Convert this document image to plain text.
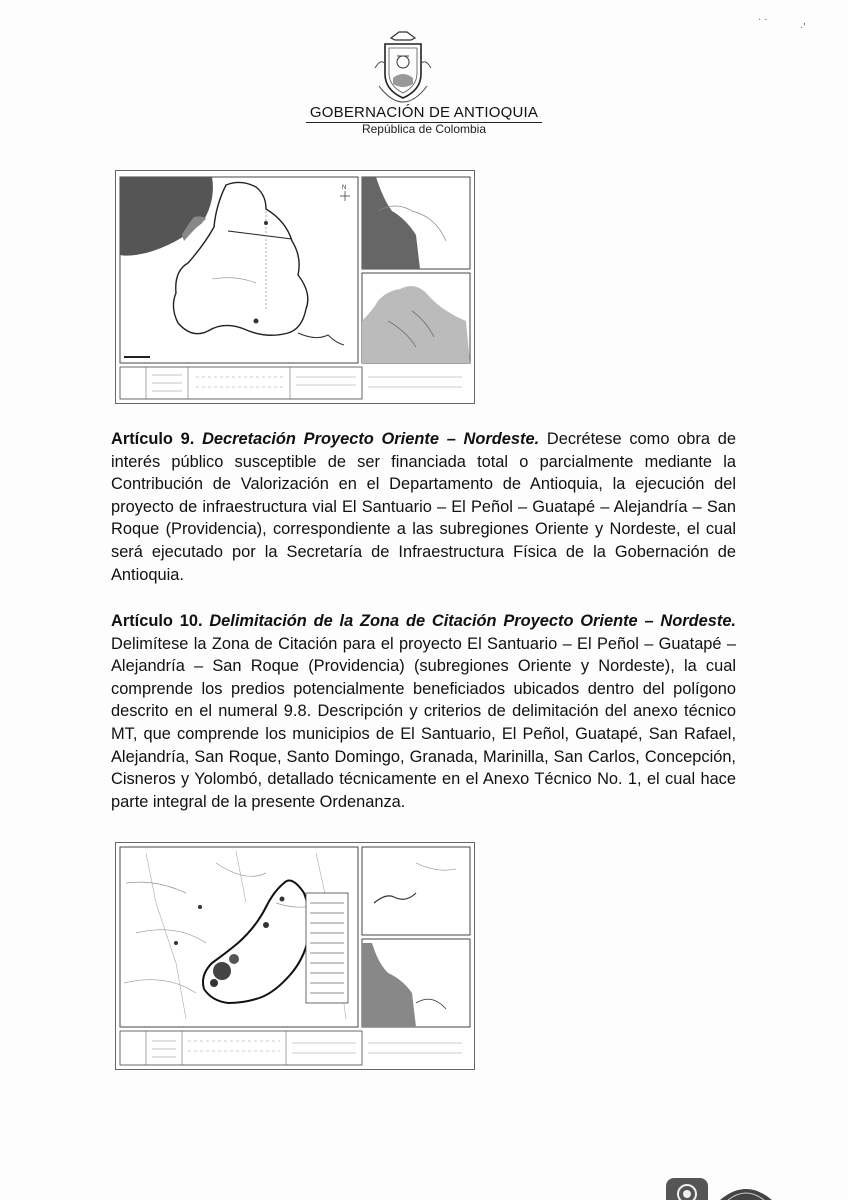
· ·
·′
GOBERNACIÓN DE ANTIOQUIA
República de Colombia
N
Artículo 9. Decretación Proyecto Oriente – Nordeste. Decrétese como obra de interés público susceptible de ser financiada total o parcialmente mediante la Contribución de Valorización en el Departamento de Antioquia, la ejecución del proyecto de infraestructura vial El Santuario – El Peñol – Guatapé – Alejandría – San Roque (Providencia), correspondiente a las subregiones Oriente y Nordeste, el cual será ejecutado por la Secretaría de Infraestructura Física de la Gobernación de Antioquia.
Artículo 10. Delimitación de la Zona de Citación Proyecto Oriente – Nordeste. Delimítese la Zona de Citación para el proyecto El Santuario – El Peñol – Guatapé – Alejandría – San Roque (Providencia) (subregiones Oriente y Nordeste), la cual comprende los predios potencialmente beneficiados ubicados dentro del polígono descrito en el numeral 9.8. Descripción y criterios de delimitación del anexo técnico MT, que comprende los municipios de El Santuario, El Peñol, Guatapé, San Rafael, Alejandría, San Roque, Santo Domingo, Granada, Marinilla, San Carlos, Concepción, Cisneros y Yolombó, detallado técnicamente en el Anexo Técnico No. 1, el cual hace parte integral de la presente Ordenanza.
